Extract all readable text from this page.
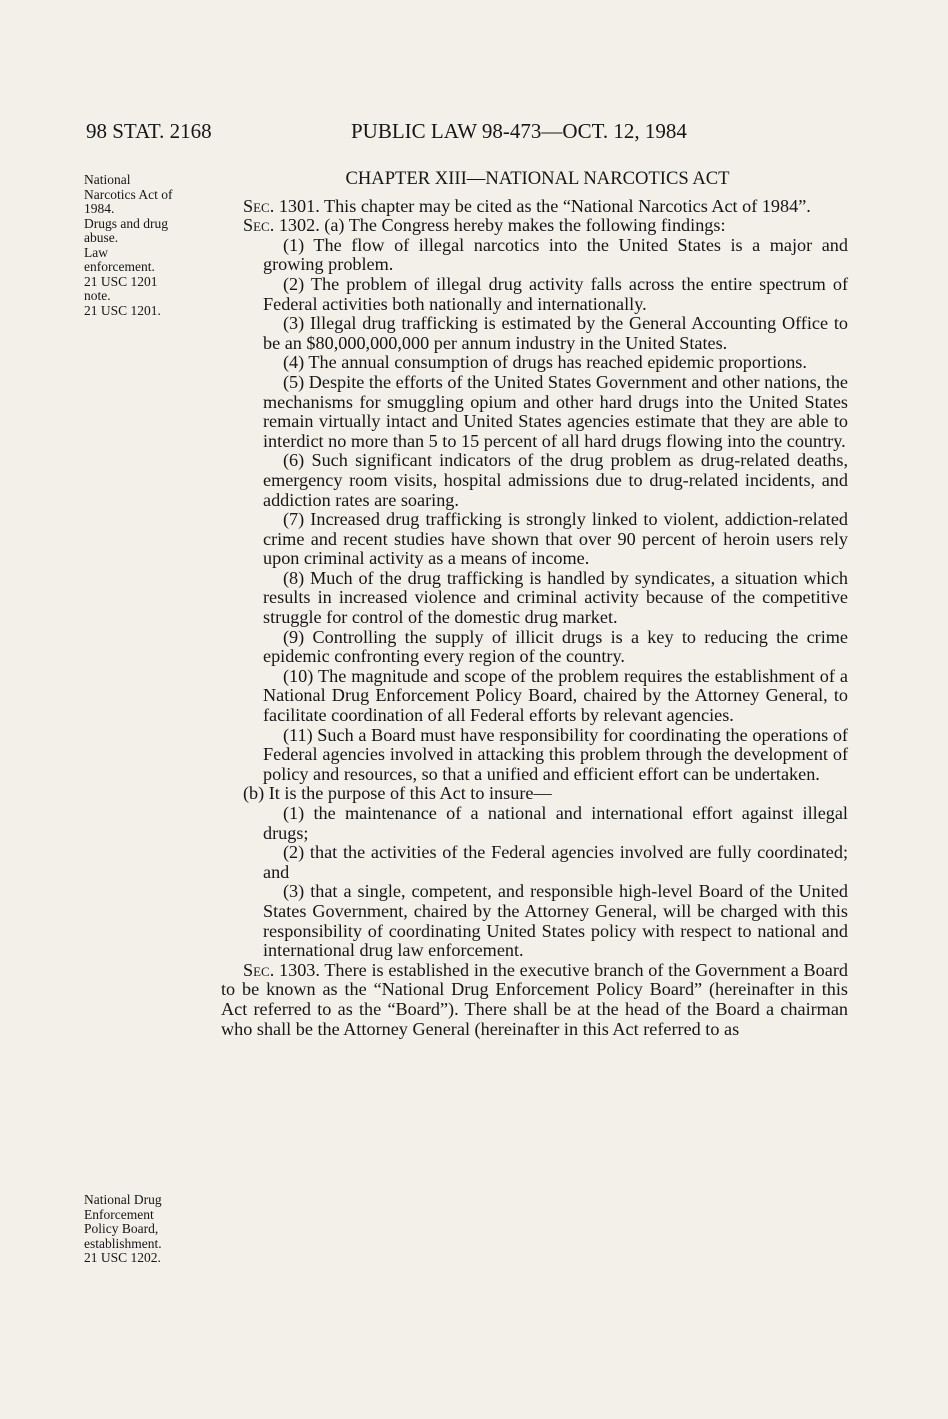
98 STAT. 2168	PUBLIC LAW 98-473—OCT. 12, 1984
National
Narcotics Act of
1984.
Drugs and drug
abuse.
Law
enforcement.
21 USC 1201
note.
21 USC 1201.
National Drug
Enforcement
Policy Board,
establishment.
21 USC 1202.
CHAPTER XIII—NATIONAL NARCOTICS ACT

Sec. 1301. This chapter may be cited as the “National Narcotics Act of 1984”.

Sec. 1302. (a) The Congress hereby makes the following findings:

(1) The flow of illegal narcotics into the United States is a major and growing problem.

(2) The problem of illegal drug activity falls across the entire spectrum of Federal activities both nationally and internationally.

(3) Illegal drug trafficking is estimated by the General Accounting Office to be an $80,000,000,000 per annum industry in the United States.

(4) The annual consumption of drugs has reached epidemic proportions.

(5) Despite the efforts of the United States Government and other nations, the mechanisms for smuggling opium and other hard drugs into the United States remain virtually intact and United States agencies estimate that they are able to interdict no more than 5 to 15 percent of all hard drugs flowing into the country.

(6) Such significant indicators of the drug problem as drug-related deaths, emergency room visits, hospital admissions due to drug-related incidents, and addiction rates are soaring.

(7) Increased drug trafficking is strongly linked to violent, addiction-related crime and recent studies have shown that over 90 percent of heroin users rely upon criminal activity as a means of income.

(8) Much of the drug trafficking is handled by syndicates, a situation which results in increased violence and criminal activity because of the competitive struggle for control of the domestic drug market.

(9) Controlling the supply of illicit drugs is a key to reducing the crime epidemic confronting every region of the country.

(10) The magnitude and scope of the problem requires the establishment of a National Drug Enforcement Policy Board, chaired by the Attorney General, to facilitate coordination of all Federal efforts by relevant agencies.

(11) Such a Board must have responsibility for coordinating the operations of Federal agencies involved in attacking this problem through the development of policy and resources, so that a unified and efficient effort can be undertaken.

(b) It is the purpose of this Act to insure—

(1) the maintenance of a national and international effort against illegal drugs;

(2) that the activities of the Federal agencies involved are fully coordinated; and

(3) that a single, competent, and responsible high-level Board of the United States Government, chaired by the Attorney General, will be charged with this responsibility of coordinating United States policy with respect to national and international drug law enforcement.

Sec. 1303. There is established in the executive branch of the Government a Board to be known as the “National Drug Enforcement Policy Board” (hereinafter in this Act referred to as the “Board”). There shall be at the head of the Board a chairman who shall be the Attorney General (hereinafter in this Act referred to as
